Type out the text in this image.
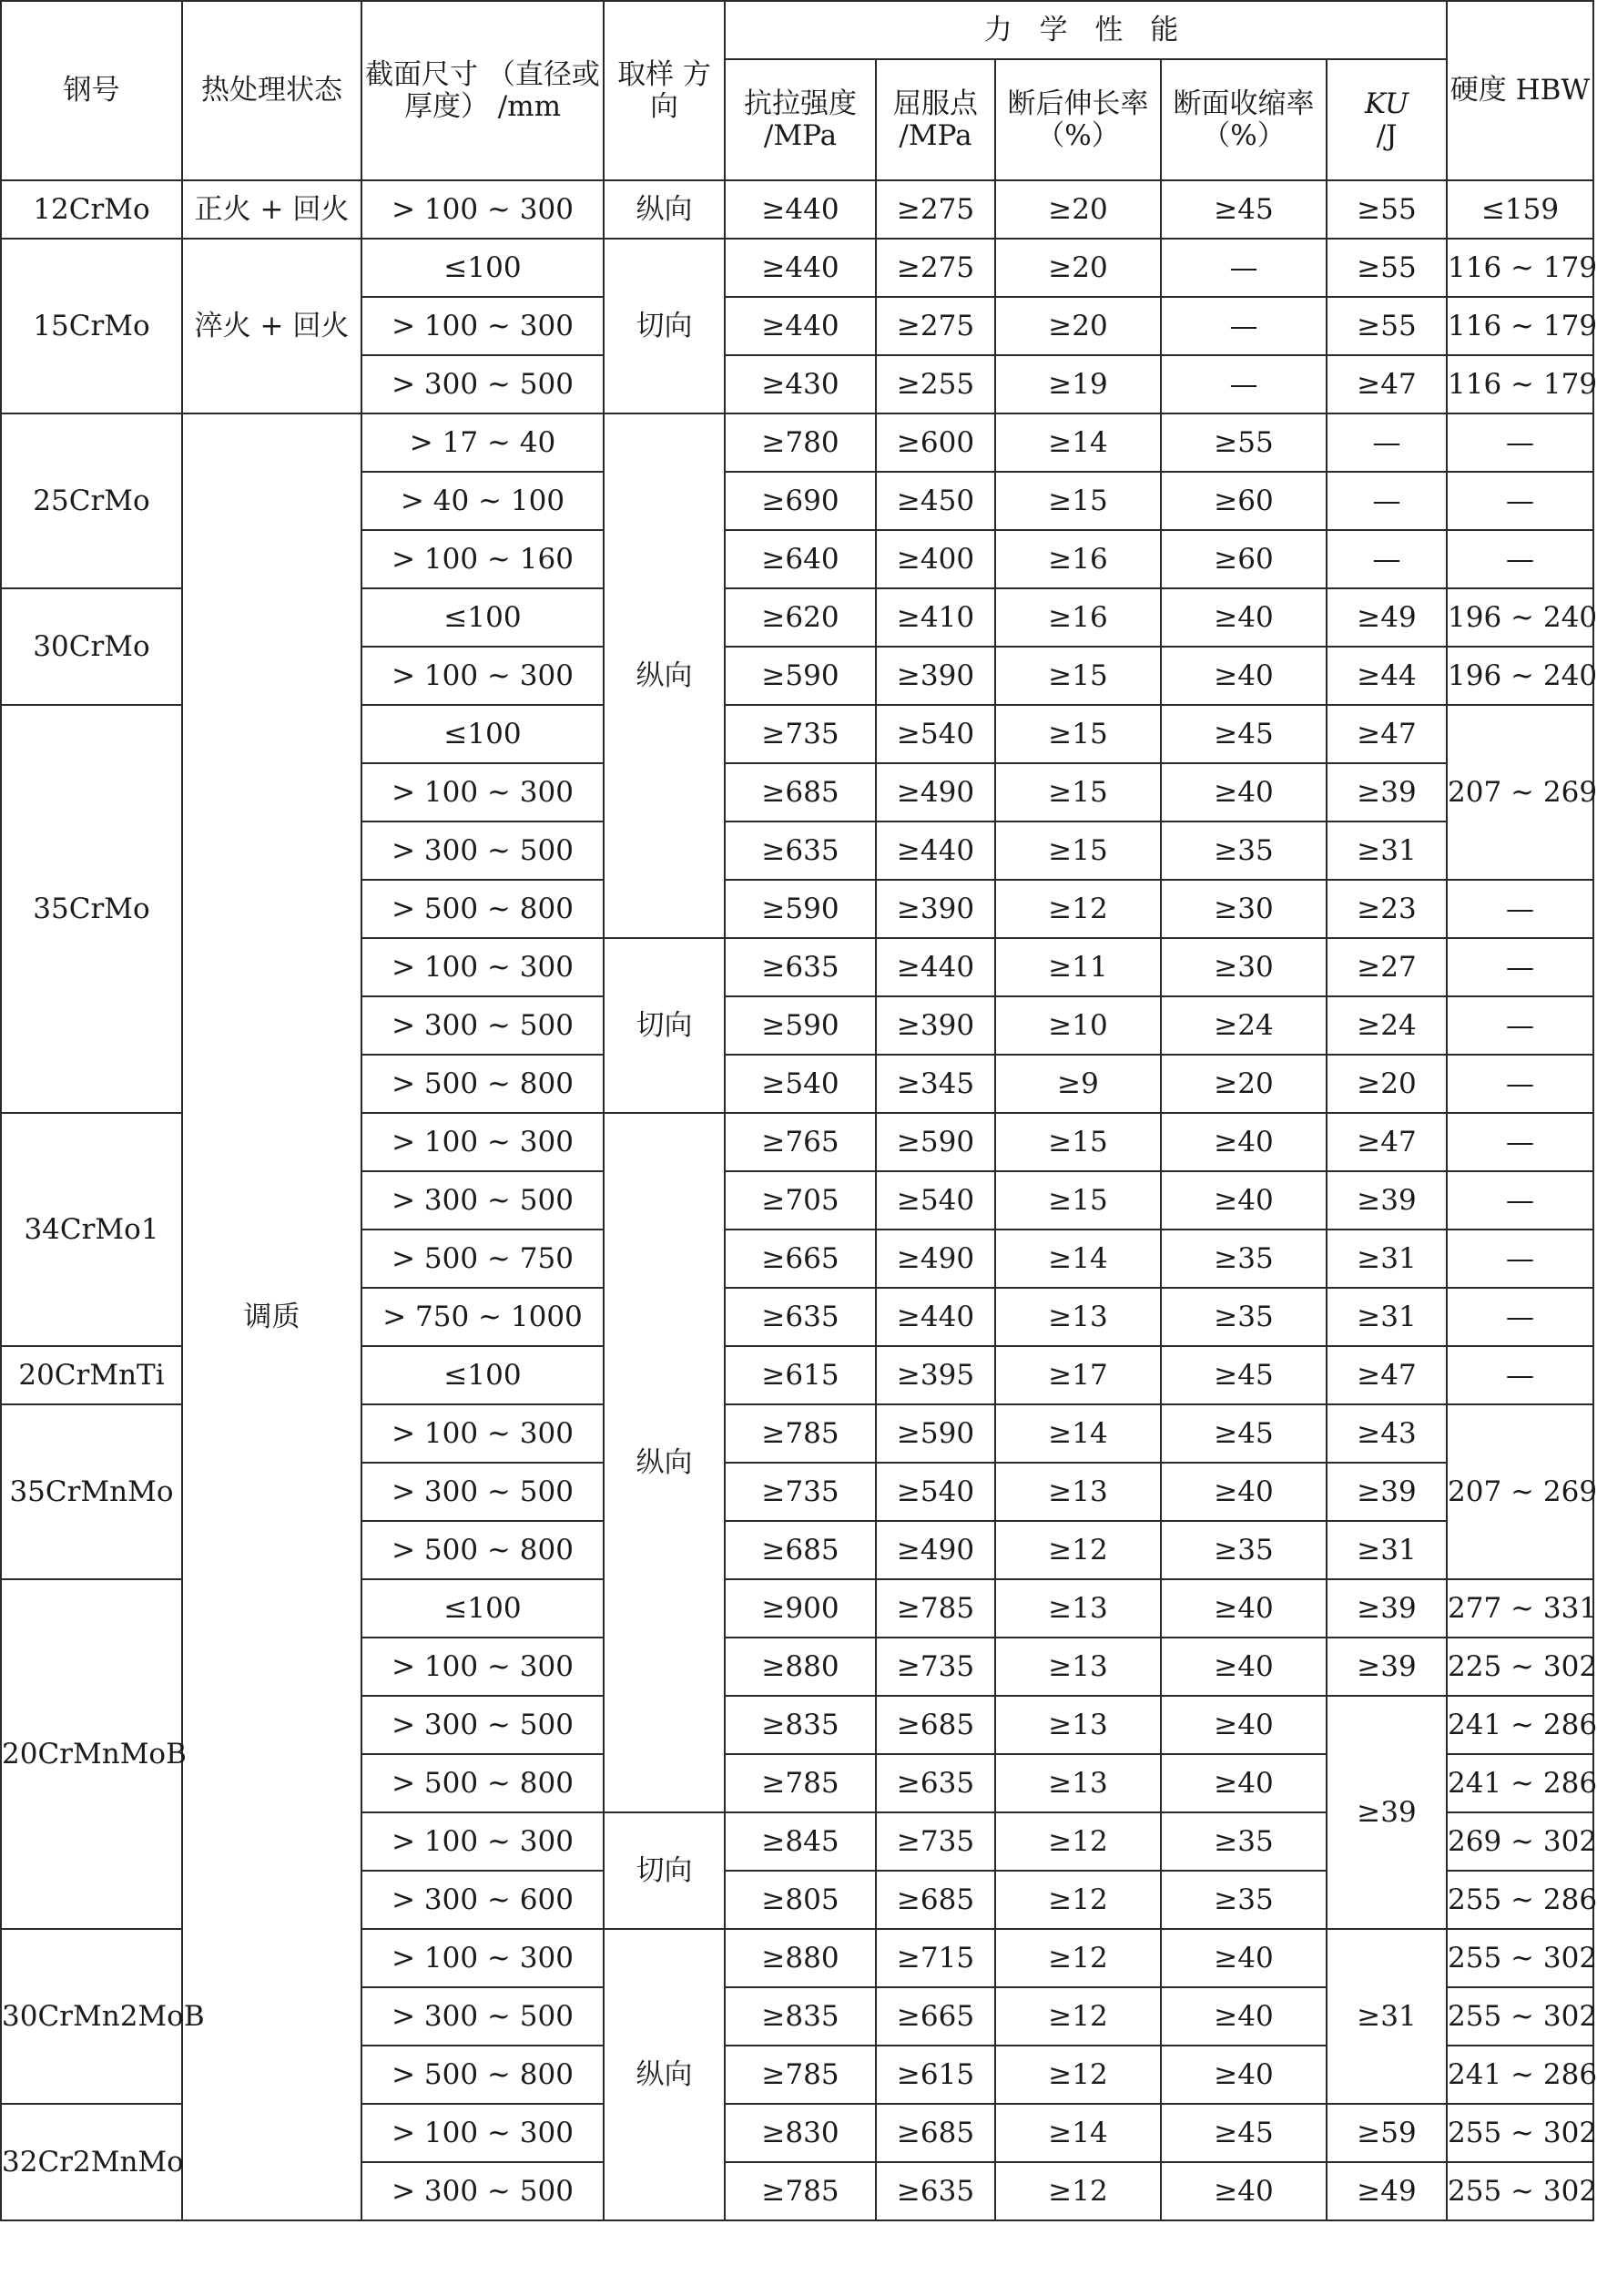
钢号	热处理状态	截面尺寸 （直径或厚度） /mm	取样 方向	力 学 性 能					硬度 HBW
				抗拉强度 /MPa	屈服点 /MPa	断后伸长率 （%）	断面收缩率 （%）	KU
/J	
12CrMo	正火 + 回火	> 100 ~ 300	纵向	≥440	≥275	≥20	≥45	≥55	≤159
15CrMo	淬火 + 回火	≤100	切向	≥440	≥275	≥20	—	≥55	116 ~ 179
		> 100 ~ 300		≥440	≥275	≥20	—	≥55	116 ~ 179
		> 300 ~ 500		≥430	≥255	≥19	—	≥47	116 ~ 179
25CrMo	调质	> 17 ~ 40	纵向	≥780	≥600	≥14	≥55	—	—
		> 40 ~ 100		≥690	≥450	≥15	≥60	—	—
		> 100 ~ 160		≥640	≥400	≥16	≥60	—	—
30CrMo		≤100		≥620	≥410	≥16	≥40	≥49	196 ~ 240
		> 100 ~ 300		≥590	≥390	≥15	≥40	≥44	196 ~ 240
35CrMo		≤100		≥735	≥540	≥15	≥45	≥47	207 ~ 269
		> 100 ~ 300		≥685	≥490	≥15	≥40	≥39	
		> 300 ~ 500		≥635	≥440	≥15	≥35	≥31	
		> 500 ~ 800		≥590	≥390	≥12	≥30	≥23	—
		> 100 ~ 300	切向	≥635	≥440	≥11	≥30	≥27	—
		> 300 ~ 500		≥590	≥390	≥10	≥24	≥24	—
		> 500 ~ 800		≥540	≥345	≥9	≥20	≥20	—
34CrMo1		> 100 ~ 300	纵向	≥765	≥590	≥15	≥40	≥47	—
		> 300 ~ 500		≥705	≥540	≥15	≥40	≥39	—
		> 500 ~ 750		≥665	≥490	≥14	≥35	≥31	—
		> 750 ~ 1000		≥635	≥440	≥13	≥35	≥31	—
20CrMnTi		≤100		≥615	≥395	≥17	≥45	≥47	—
35CrMnMo		> 100 ~ 300		≥785	≥590	≥14	≥45	≥43	207 ~ 269
		> 300 ~ 500		≥735	≥540	≥13	≥40	≥39	
		> 500 ~ 800		≥685	≥490	≥12	≥35	≥31	
20CrMnMoB		≤100		≥900	≥785	≥13	≥40	≥39	277 ~ 331
		> 100 ~ 300		≥880	≥735	≥13	≥40	≥39	225 ~ 302
		> 300 ~ 500		≥835	≥685	≥13	≥40	≥39	241 ~ 286
		> 500 ~ 800		≥785	≥635	≥13	≥40		241 ~ 286
		> 100 ~ 300	切向	≥845	≥735	≥12	≥35		269 ~ 302
		> 300 ~ 600		≥805	≥685	≥12	≥35		255 ~ 286
30CrMn2MoB		> 100 ~ 300	纵向	≥880	≥715	≥12	≥40	≥31	255 ~ 302
		> 300 ~ 500		≥835	≥665	≥12	≥40		255 ~ 302
		> 500 ~ 800		≥785	≥615	≥12	≥40		241 ~ 286
32Cr2MnMo		> 100 ~ 300		≥830	≥685	≥14	≥45	≥59	255 ~ 302
		> 300 ~ 500		≥785	≥635	≥12	≥40	≥49	255 ~ 302
